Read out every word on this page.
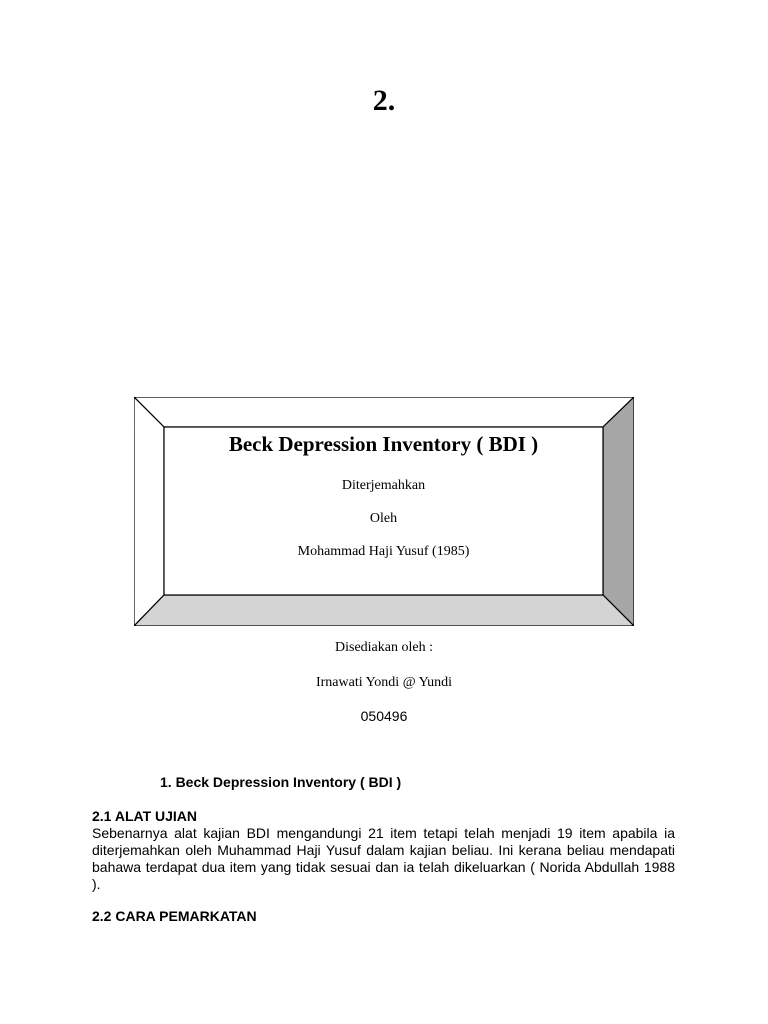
2.
Beck Depression Inventory ( BDI )
Diterjemahkan
Oleh
Mohammad Haji Yusuf (1985)
Disediakan oleh :
Irnawati Yondi @ Yundi
050496
1. Beck Depression Inventory ( BDI )
2.1 ALAT UJIAN
Sebenarnya alat kajian BDI mengandungi 21 item tetapi telah menjadi 19 item apabila ia diterjemahkan oleh Muhammad Haji Yusuf dalam kajian beliau. Ini kerana beliau mendapati bahawa terdapat dua item yang tidak sesuai dan ia telah dikeluarkan ( Norida Abdullah 1988 ).
2.2 CARA PEMARKATAN
